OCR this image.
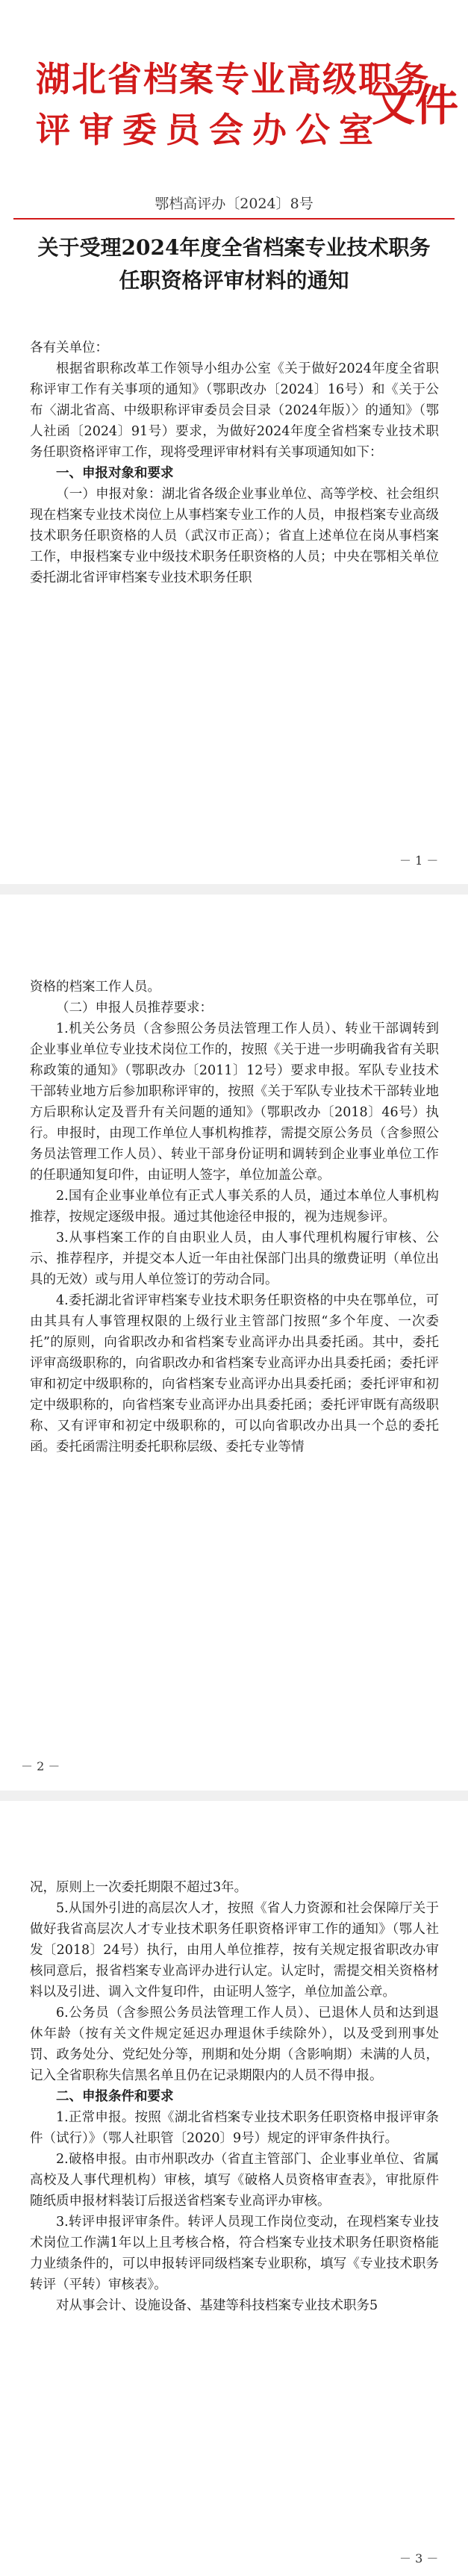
湖北省档案专业高级职务
评审委员会办公室
文件
鄂档高评办〔2024〕8号
关于受理2024年度全省档案专业技术职务
任职资格评审材料的通知

各有关单位：

根据省职称改革工作领导小组办公室《关于做好2024年度全省职称评审工作有关事项的通知》（鄂职改办〔2024〕16号）和《关于公布〈湖北省高、中级职称评审委员会目录（2024年版）〉的通知》（鄂人社函〔2024〕91号）要求，为做好2024年度全省档案专业技术职务任职资格评审工作，现将受理评审材料有关事项通知如下：

一、申报对象和要求

（一）申报对象：湖北省各级企业事业单位、高等学校、社会组织现在档案专业技术岗位上从事档案专业工作的人员，申报档案专业高级技术职务任职资格的人员（武汉市正高）；省直上述单位在岗从事档案工作，申报档案专业中级技术职务任职资格的人员；中央在鄂相关单位委托湖北省评审档案专业技术职务任职

－ 1 －

资格的档案工作人员。

（二）申报人员推荐要求：

1.机关公务员（含参照公务员法管理工作人员）、转业干部调转到企业事业单位专业技术岗位工作的，按照《关于进一步明确我省有关职称政策的通知》（鄂职改办〔2011〕12号）要求申报。军队专业技术干部转业地方后参加职称评审的，按照《关于军队专业技术干部转业地方后职称认定及晋升有关问题的通知》（鄂职改办〔2018〕46号）执行。申报时，由现工作单位人事机构推荐，需提交原公务员（含参照公务员法管理工作人员）、转业干部身份证明和调转到企业事业单位工作的任职通知复印件，由证明人签字，单位加盖公章。

2.国有企业事业单位有正式人事关系的人员，通过本单位人事机构推荐，按规定逐级申报。通过其他途径申报的，视为违规参评。

3.从事档案工作的自由职业人员，由人事代理机构履行审核、公示、推荐程序，并提交本人近一年由社保部门出具的缴费证明（单位出具的无效）或与用人单位签订的劳动合同。

4.委托湖北省评审档案专业技术职务任职资格的中央在鄂单位，可由其具有人事管理权限的上级行业主管部门按照“多个年度、一次委托”的原则，向省职改办和省档案专业高评办出具委托函。其中，委托评审高级职称的，向省职改办和省档案专业高评办出具委托函；委托评审和初定中级职称的，向省档案专业高评办出具委托函；委托评审和初定中级职称的，向省档案专业高评办出具委托函；委托评审既有高级职称、又有评审和初定中级职称的，可以向省职改办出具一个总的委托函。委托函需注明委托职称层级、委托专业等情

－ 2 －

况，原则上一次委托期限不超过3年。

5.从国外引进的高层次人才，按照《省人力资源和社会保障厅关于做好我省高层次人才专业技术职务任职资格评审工作的通知》（鄂人社发〔2018〕24号）执行，由用人单位推荐，按有关规定报省职改办审核同意后，报省档案专业高评办进行认定。认定时，需提交相关资格材料以及引进、调入文件复印件，由证明人签字，单位加盖公章。

6.公务员（含参照公务员法管理工作人员）、已退休人员和达到退休年龄（按有关文件规定延迟办理退休手续除外），以及受到刑事处罚、政务处分、党纪处分等，刑期和处分期（含影响期）未满的人员，记入全省职称失信黑名单且仍在记录期限内的人员不得申报。

二、申报条件和要求

1.正常申报。按照《湖北省档案专业技术职务任职资格申报评审条件（试行）》（鄂人社职管〔2020〕9号）规定的评审条件执行。

2.破格申报。由市州职改办（省直主管部门、企业事业单位、省属高校及人事代理机构）审核，填写《破格人员资格审查表》，审批原件随纸质申报材料装订后报送省档案专业高评办审核。

3.转评申报评审条件。转评人员现工作岗位变动，在现档案专业技术岗位工作满1年以上且考核合格，符合档案专业技术职务任职资格能力业绩条件的，可以申报转评同级档案专业职称，填写《专业技术职务转评（平转）审核表》。

对从事会计、设施设备、基建等科技档案专业技术职务5

－ 3 －
